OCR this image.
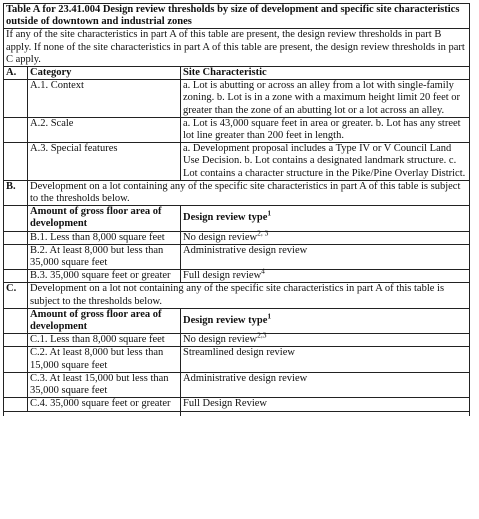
Table A for 23.41.004 Design review thresholds by size of development and specific site characteristics outside of downtown and industrial zones		
If any of the site characteristics in part A of this table are present, the design review thresholds in part B apply. If none of the site characteristics in part A of this table are present, the design review thresholds in part C apply.		
A.	Category	Site Characteristic
	A.1. Context	a. Lot is abutting or across an alley from a lot with single-family zoning. b. Lot is in a zone with a maximum height limit 20 feet or greater than the zone of an abutting lot or a lot across an alley.
	A.2. Scale	a. Lot is 43,000 square feet in area or greater. b. Lot has any street lot line greater than 200 feet in length.
	A.3. Special features	a. Development proposal includes a Type IV or V Council Land Use Decision. b. Lot contains a designated landmark structure. c. Lot contains a character structure in the Pike/Pine Overlay District.
B.	Development on a lot containing any of the specific site characteristics in part A of this table is subject to the thresholds below.	
	Amount of gross floor area of development	Design review type$^1$
	B.1. Less than 8,000 square feet	No design review$^{2, 3}$
	B.2. At least 8,000 but less than 35,000 square feet	Administrative design review
	B.3. 35,000 square feet or greater	Full design review$^4$
C.	Development on a lot not containing any of the specific site characteristics in part A of this table is subject to the thresholds below.	
	Amount of gross floor area of development	Design review type$^1$
	C.1. Less than 8,000 square feet	No design review$^{2,3}$
	C.2. At least 8,000 but less than 15,000 square feet	Streamlined design review
	C.3. At least 15,000 but less than 35,000 square feet	Administrative design review
	C.4. 35,000 square feet or greater	Full Design Review
